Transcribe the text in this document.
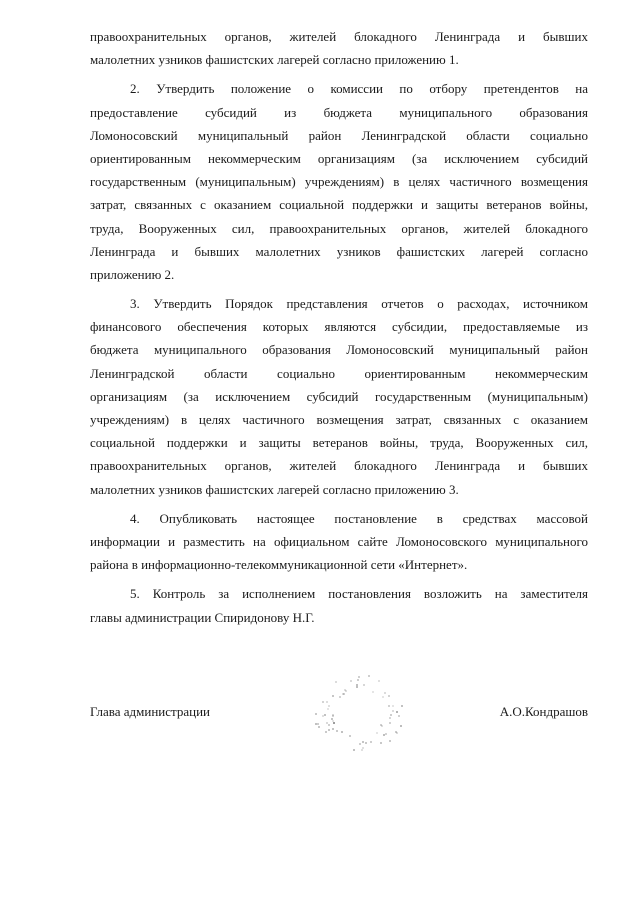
правоохранительных органов, жителей блокадного Ленинграда и бывших
малолетних узников фашистских лагерей согласно приложению 1.
2. Утвердить положение о комиссии по отбору претендентов на
предоставление субсидий из бюджета муниципального образования
Ломоносовский муниципальный район Ленинградской области социально
ориентированным некоммерческим организациям (за исключением субсидий
государственным (муниципальным) учреждениям) в целях частичного возмещения
затрат, связанных с оказанием социальной поддержки и защиты ветеранов войны,
труда, Вооруженных сил, правоохранительных органов, жителей блокадного
Ленинграда и бывших малолетних узников фашистских лагерей согласно
приложению 2.
3. Утвердить Порядок представления отчетов о расходах, источником
финансового обеспечения которых являются субсидии, предоставляемые из
бюджета муниципального образования Ломоносовский муниципальный район
Ленинградской области социально ориентированным некоммерческим
организациям (за исключением субсидий государственным (муниципальным)
учреждениям) в целях частичного возмещения затрат, связанных с оказанием
социальной поддержки и защиты ветеранов войны, труда, Вооруженных сил,
правоохранительных органов, жителей блокадного Ленинграда и бывших
малолетних узников фашистских лагерей согласно приложению 3.
4. Опубликовать настоящее постановление в средствах массовой
информации и разместить на официальном сайте Ломоносовского муниципального
района в информационно-телекоммуникационной сети «Интернет».
5. Контроль за исполнением постановления возложить на заместителя
главы администрации Спиридонову Н.Г.
Глава администрации	А.О.Кондрашов
